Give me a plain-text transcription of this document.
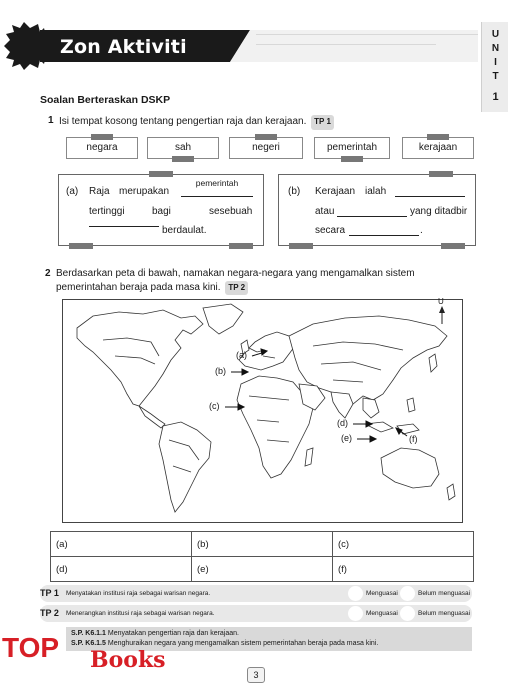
Zon Aktiviti
U
N
I
T
1
Soalan Berteraskan DSKP
1 Isi tempat kosong tentang pengertian raja dan kerajaan. TP 1
negara	sah	negeri	pemerintah	kerajaan
(a) Raja merupakan
pemerintah
tertinggi	bagi	sesebuah
berdaulat.
(b) Kerajaan ialah
atau	yang ditadbir
secara	.
2 Berdasarkan peta di bawah, namakan negara-negara yang mengamalkan sistem
pemerintahan beraja pada masa kini. TP 2
U
(a)
(b)
(c)
(d)
(e)	(f)
(a)	(b)	(c)
(d)	(e)	(f)
TP 1 Menyatakan institusi raja sebagai warisan negara.	Menguasai	Belum menguasai
TP 2 Menerangkan institusi raja sebagai warisan negara.	Menguasai	Belum menguasai
S.P. K6.1.1 Menyatakan pengertian raja dan kerajaan.
S.P. K6.1.5 Menghuraikan negara yang mengamalkan sistem pemerintahan beraja pada masa kini.
3
TOP Books
